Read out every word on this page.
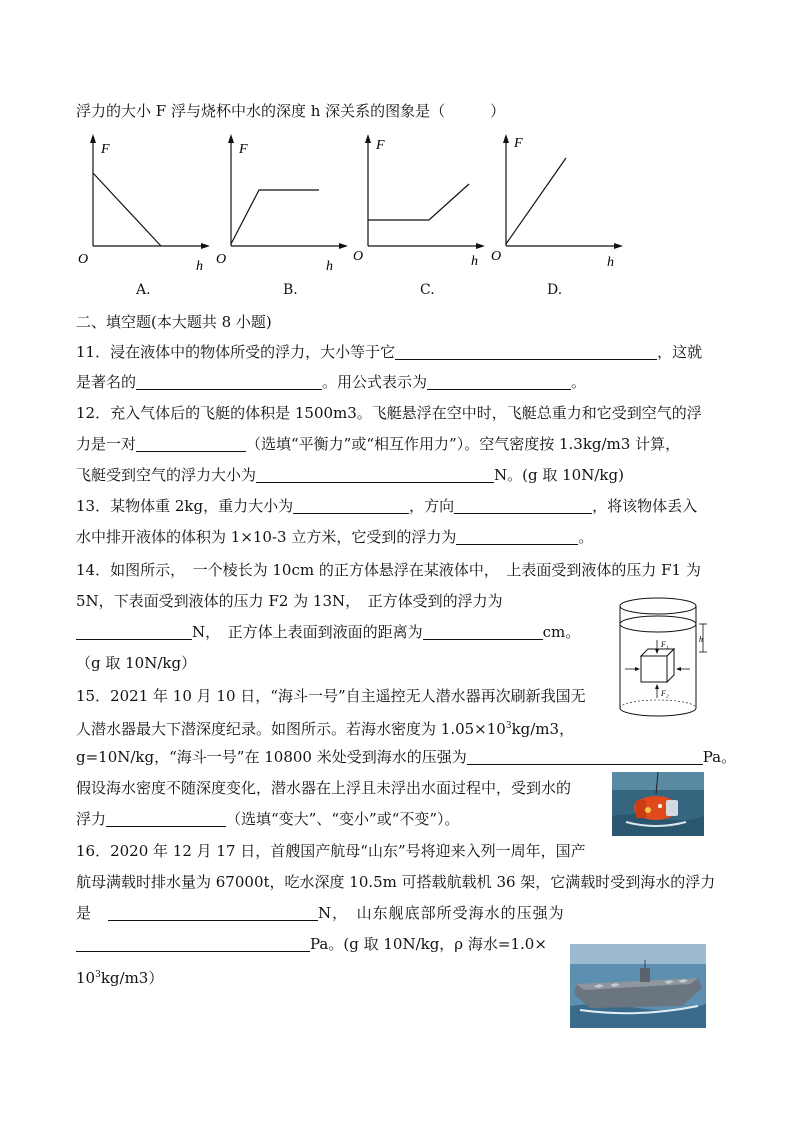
浮力的大小 F 浮与烧杯中水的深度 h 深关系的图象是（　　　）
F
O	h
F
O	h
F
O	h
F
O	h
A.	B.	C.	D.
二、填空题(本大题共 8 小题)
11．浸在液体中的物体所受的浮力，大小等于它	，这就
是著名的	。用公式表示为	。
12．充入气体后的飞艇的体积是 1500m3。飞艇悬浮在空中时，飞艇总重力和它受到空气的浮
力是一对	（选填“平衡力”或“相互作用力”）。空气密度按 1.3kg/m3 计算，
飞艇受到空气的浮力大小为	N。(g 取 10N/kg)
13．某物体重 2kg，重力大小为	，方向	，将该物体丢入
水中排开液体的体积为 1×10-3 立方米，它受到的浮力为	。
14．如图所示，　一个棱长为 10cm 的正方体悬浮在某液体中，　上表面受到液体的压力 F1 为
5N，下表面受到液体的压力 F2 为 13N，　正方体受到的浮力为
N，　正方体上表面到液面的距离为	cm。
（g 取 10N/kg）
h
F₁
F₂
15．2021 年 10 月 10 日，“海斗一号”自主遥控无人潜水器再次刷新我国无
人潜水器最大下潜深度纪录。如图所示。若海水密度为 $1.05\times 10^3kg/m3$，
g=10N/kg，“海斗一号”在 10800 米处受到海水的压强为	Pa。
假设海水密度不随深度变化，潜水器在上浮且未浮出水面过程中，受到水的
浮力	（选填“变大”、“变小”或“不变”）。
16．2020 年 12 月 17 日，首艘国产航母“山东”号将迎来入列一周年，国产
航母满载时排水量为 67000t，吃水深度 10.5m 可搭载航载机 36 架，它满载时受到海水的浮力
是　	N，　山东舰底部所受海水的压强为
Pa。(g 取 10N/kg，ρ 海水=1.0×
$10^3kg/m3$）
